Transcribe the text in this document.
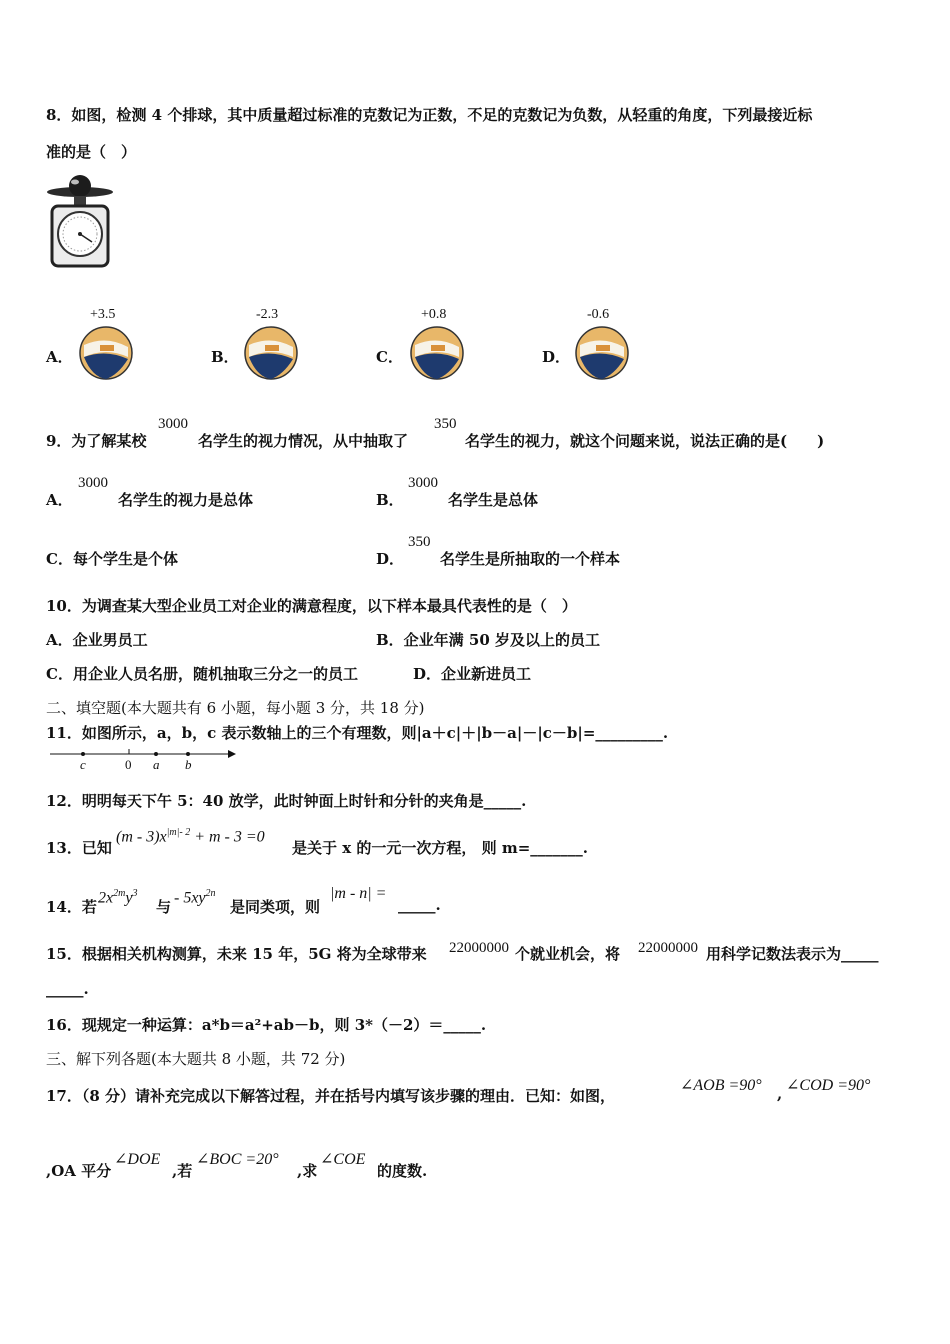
8．如图，检测 4 个排球，其中质量超过标准的克数记为正数，不足的克数记为负数，从轻重的角度，下列最接近标
准的是（　）
A．
+3.5
B．
-2.3
C．
+0.8
D．
-0.6
9．为了解某校
3000
名学生的视力情况，从中抽取了
350
名学生的视力，就这个问题来说，说法正确的是(　　)
A．
3000
名学生的视力是总体	B．
3000
名学生是总体
C．每个学生是个体	D．
350
名学生是所抽取的一个样本
10．为调查某大型企业员工对企业的满意程度，以下样本最具代表性的是（　）
A．企业男员工	B．企业年满 50 岁及以上的员工
C．用企业人员名册，随机抽取三分之一的员工	D．企业新进员工
二、填空题(本大题共有 6 小题，每小题 3 分，共 18 分)
11．如图所示，a，b，c 表示数轴上的三个有理数，则|a＋c|＋|b－a|－|c－b|=_________.
c	0 a b
12．明明每天下午 5：40 放学，此时钟面上时针和分针的夹角是_____.
13．已知
$(m - 3)x^{|m|- 2} + m - 3 =0$
是关于 x 的一元一次方程， 则 m=_______.
14．若
$2x^{2m}y^3$
与
- $5xy^{2n}$
是同类项，则
|m - n| =
_____.
15．根据相关机构测算，未来 15 年，5G 将为全球带来 22000000 个就业机会，将 22000000 用科学记数法表示为_____
_____.
16．现规定一种运算：a*b＝a²+ab－b，则 3*（－2）＝_____.
三、解下列各题(本大题共 8 小题，共 72 分)
17．（8 分）请补充完成以下解答过程，并在括号内填写该步骤的理由．已知：如图，
∠AOB =90° , ∠COD =90°
,OA 平分
∠DOE
,若
∠BOC =20°
,求
∠COE
的度数.
